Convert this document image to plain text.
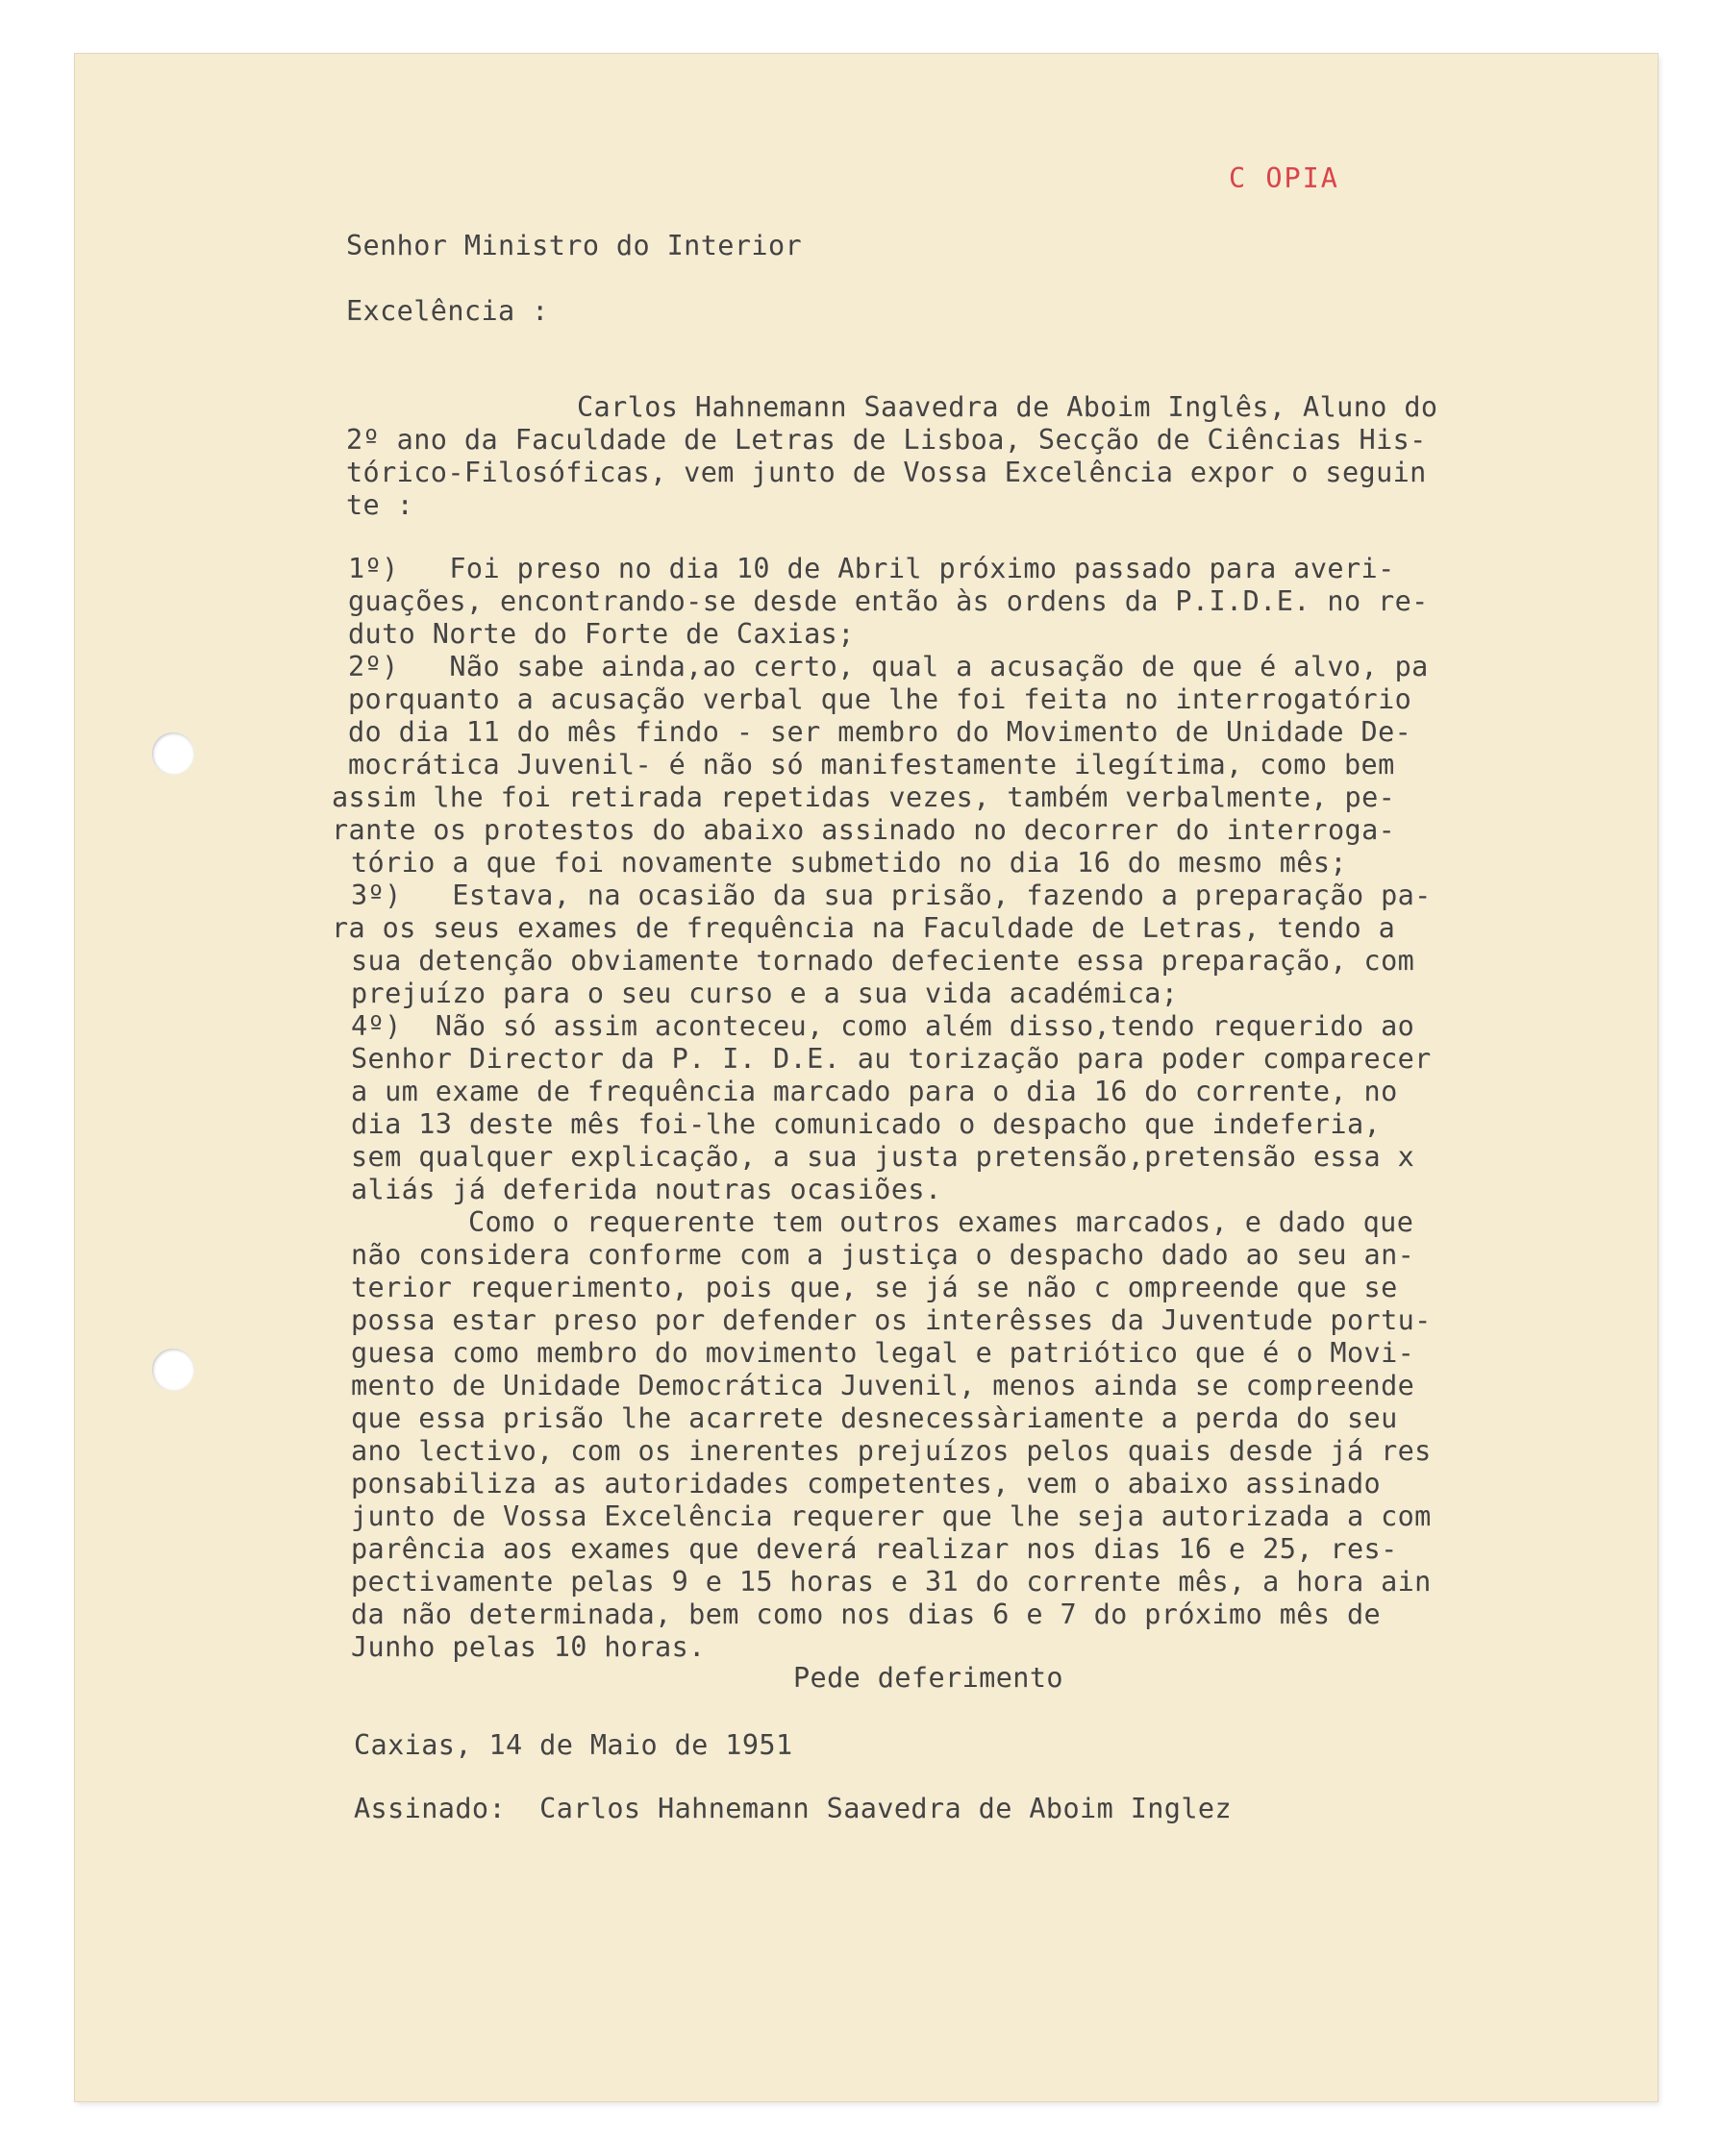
C OPIA
Senhor Ministro do Interior
Excelência :
Carlos Hahnemann Saavedra de Aboim Inglês, Aluno do
2º ano da Faculdade de Letras de Lisboa, Secção de Ciências His-
tórico-Filosóficas, vem junto de Vossa Excelência expor o seguin
te :
1º)   Foi preso no dia 10 de Abril próximo passado para averi-
guações, encontrando-se desde então às ordens da P.I.D.E. no re-
duto Norte do Forte de Caxias;
2º)   Não sabe ainda,ao certo, qual a acusação de que é alvo, pa
porquanto a acusação verbal que lhe foi feita no interrogatório
do dia 11 do mês findo - ser membro do Movimento de Unidade De-
mocrática Juvenil- é não só manifestamente ilegítima, como bem
assim lhe foi retirada repetidas vezes, também verbalmente, pe-
rante os protestos do abaixo assinado no decorrer do interroga-
tório a que foi novamente submetido no dia 16 do mesmo mês;
3º)   Estava, na ocasião da sua prisão, fazendo a preparação pa-
ra os seus exames de frequência na Faculdade de Letras, tendo a
sua detenção obviamente tornado defeciente essa preparação, com
prejuízo para o seu curso e a sua vida académica;
4º)  Não só assim aconteceu, como além disso,tendo requerido ao
Senhor Director da P. I. D.E. au torização para poder comparecer
a um exame de frequência marcado para o dia 16 do corrente, no
dia 13 deste mês foi-lhe comunicado o despacho que indeferia,
sem qualquer explicação, a sua justa pretensão,pretensão essa x
aliás já deferida noutras ocasiões.
Como o requerente tem outros exames marcados, e dado que
não considera conforme com a justiça o despacho dado ao seu an-
terior requerimento, pois que, se já se não c ompreende que se
possa estar preso por defender os interêsses da Juventude portu-
guesa como membro do movimento legal e patriótico que é o Movi-
mento de Unidade Democrática Juvenil, menos ainda se compreende
que essa prisão lhe acarrete desnecessàriamente a perda do seu
ano lectivo, com os inerentes prejuízos pelos quais desde já res
ponsabiliza as autoridades competentes, vem o abaixo assinado
junto de Vossa Excelência requerer que lhe seja autorizada a com
parência aos exames que deverá realizar nos dias 16 e 25, res-
pectivamente pelas 9 e 15 horas e 31 do corrente mês, a hora ain
da não determinada, bem como nos dias 6 e 7 do próximo mês de
Junho pelas 10 horas.
Pede deferimento
Caxias, 14 de Maio de 1951
Assinado:  Carlos Hahnemann Saavedra de Aboim Inglez
